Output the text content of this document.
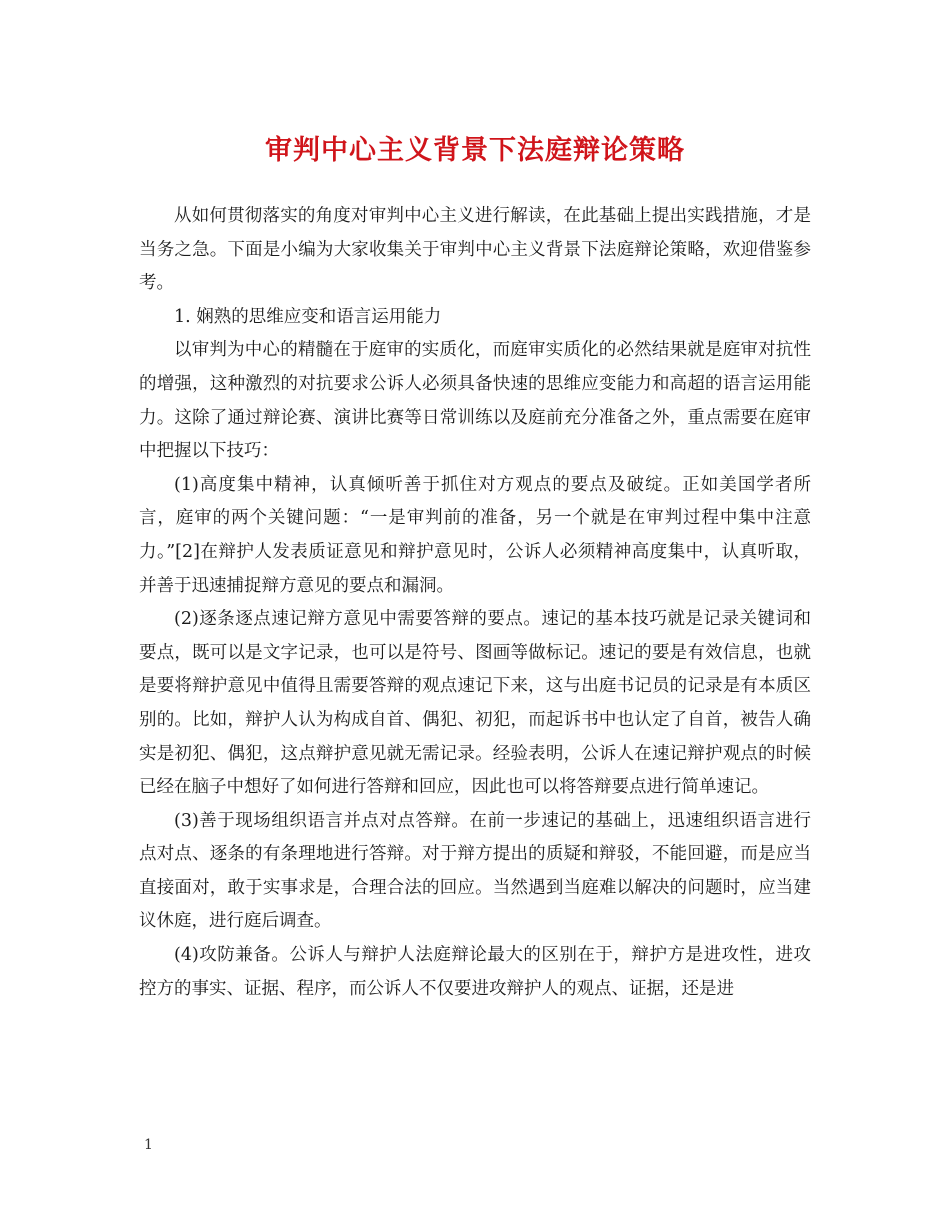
审判中心主义背景下法庭辩论策略

从如何贯彻落实的角度对审判中心主义进行解读，在此基础上提出实践措施，才是当务之急。下面是小编为大家收集关于审判中心主义背景下法庭辩论策略，欢迎借鉴参考。

1. 娴熟的思维应变和语言运用能力

以审判为中心的精髓在于庭审的实质化，而庭审实质化的必然结果就是庭审对抗性的增强，这种激烈的对抗要求公诉人必须具备快速的思维应变能力和高超的语言运用能力。这除了通过辩论赛、演讲比赛等日常训练以及庭前充分准备之外，重点需要在庭审中把握以下技巧：

(1)高度集中精神，认真倾听善于抓住对方观点的要点及破绽。正如美国学者所言，庭审的两个关键问题：“一是审判前的准备，另一个就是在审判过程中集中注意力。”[2]在辩护人发表质证意见和辩护意见时，公诉人必须精神高度集中，认真听取，并善于迅速捕捉辩方意见的要点和漏洞。

(2)逐条逐点速记辩方意见中需要答辩的要点。速记的基本技巧就是记录关键词和要点，既可以是文字记录，也可以是符号、图画等做标记。速记的要是有效信息，也就是要将辩护意见中值得且需要答辩的观点速记下来，这与出庭书记员的记录是有本质区别的。比如，辩护人认为构成自首、偶犯、初犯，而起诉书中也认定了自首，被告人确实是初犯、偶犯，这点辩护意见就无需记录。经验表明，公诉人在速记辩护观点的时候已经在脑子中想好了如何进行答辩和回应，因此也可以将答辩要点进行简单速记。

(3)善于现场组织语言并点对点答辩。在前一步速记的基础上，迅速组织语言进行点对点、逐条的有条理地进行答辩。对于辩方提出的质疑和辩驳，不能回避，而是应当直接面对，敢于实事求是，合理合法的回应。当然遇到当庭难以解决的问题时，应当建议休庭，进行庭后调查。

(4)攻防兼备。公诉人与辩护人法庭辩论最大的区别在于，辩护方是进攻性，进攻控方的事实、证据、程序，而公诉人不仅要进攻辩护人的观点、证据，还是进

1
